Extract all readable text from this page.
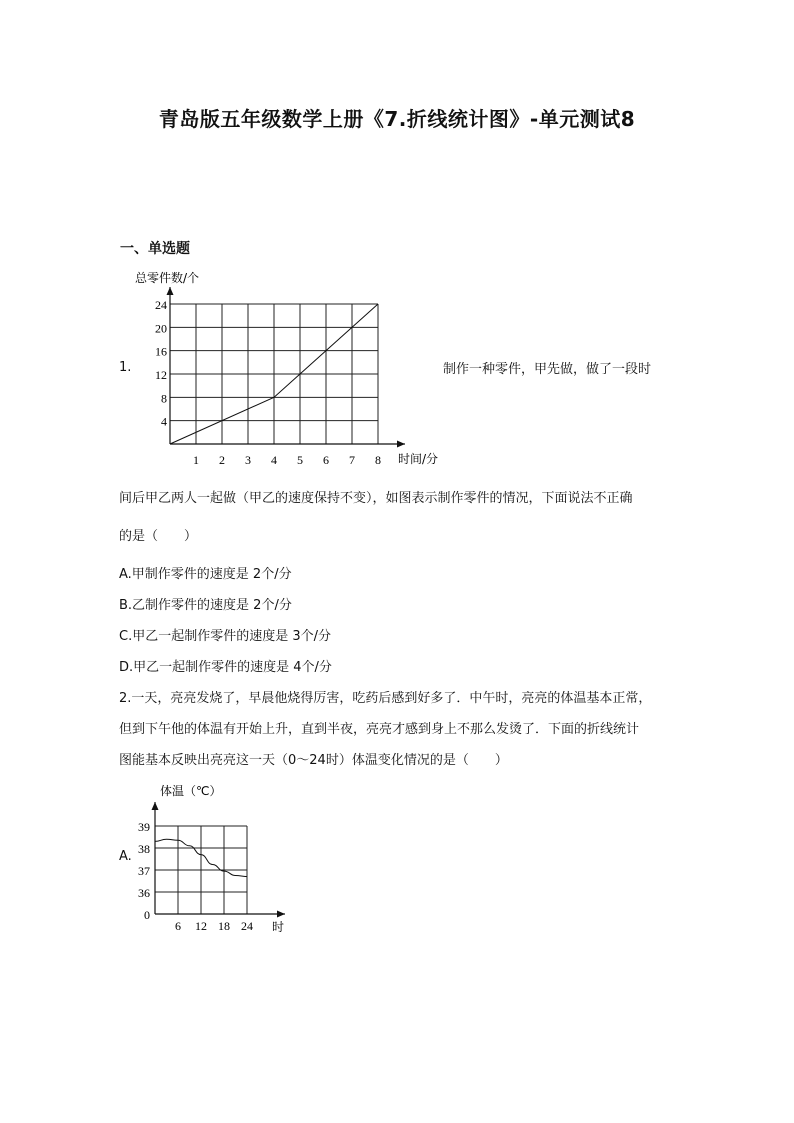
青岛版五年级数学上册《7.折线统计图》-单元测试8
一、单选题
1.
总零件数/个
4
8
12
16
20
24
1 2 3 4 5 6 7 8 时间/分
制作一种零件，甲先做，做了一段时
间后甲乙两人一起做（甲乙的速度保持不变），如图表示制作零件的情况，下面说法不正确
的是（　　）
A.甲制作零件的速度是 2个/分
B.乙制作零件的速度是 2个/分
C.甲乙一起制作零件的速度是 3个/分
D.甲乙一起制作零件的速度是 4个/分
2.一天，亮亮发烧了，早晨他烧得厉害，吃药后感到好多了．中午时，亮亮的体温基本正常，
但到下午他的体温有开始上升，直到半夜，亮亮才感到身上不那么发烫了．下面的折线统计
图能基本反映出亮亮这一天（0～24时）体温变化情况的是（　　）
A.
体温（℃）
0
36
37
38
39
6 12 18 24 时
